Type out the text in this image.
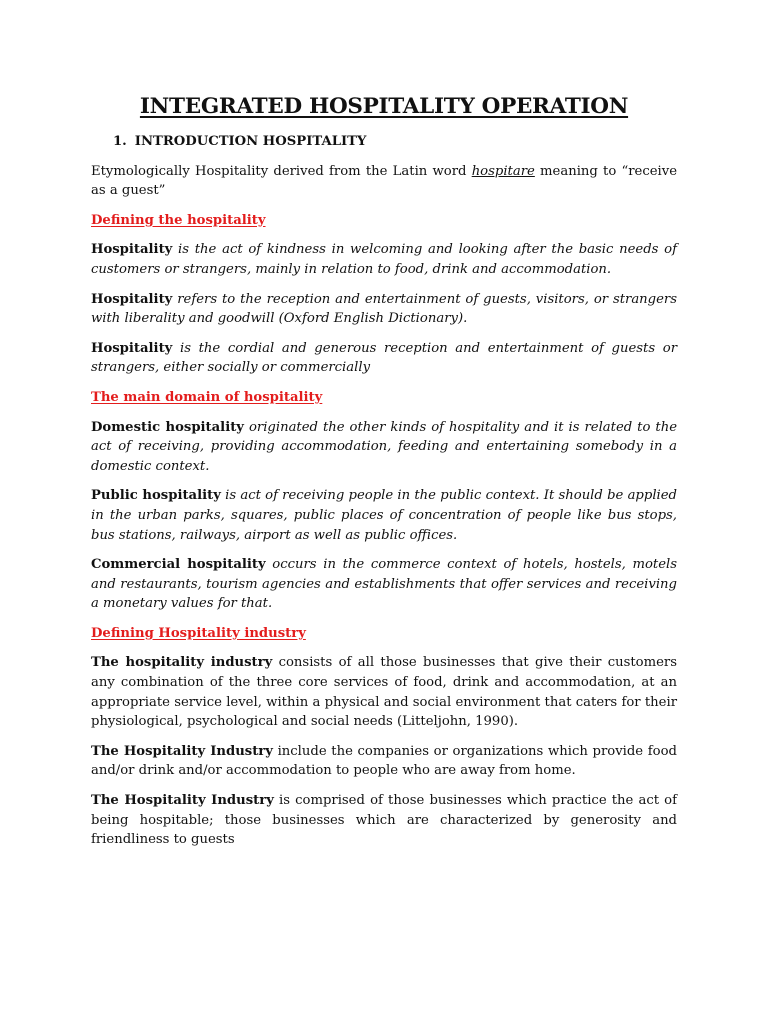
INTEGRATED HOSPITALITY OPERATION
1. INTRODUCTION HOSPITALITY

Etymologically Hospitality derived from the Latin word hospitare meaning to “receive as a guest”

Defining the hospitality

Hospitality is the act of kindness in welcoming and looking after the basic needs of customers or strangers, mainly in relation to food, drink and accommodation.

Hospitality refers to the reception and entertainment of guests, visitors, or strangers with liberality and goodwill (Oxford English Dictionary).

Hospitality is the cordial and generous reception and entertainment of guests or strangers, either socially or commercially

The main domain of hospitality

Domestic hospitality originated the other kinds of hospitality and it is related to the act of receiving, providing accommodation, feeding and entertaining somebody in a domestic context.

Public hospitality is act of receiving people in the public context. It should be applied in the urban parks, squares, public places of concentration of people like bus stops, bus stations, railways, airport as well as public offices.

Commercial hospitality occurs in the commerce context of hotels, hostels, motels and restaurants, tourism agencies and establishments that offer services and receiving a monetary values for that.

Defining Hospitality industry

The hospitality industry consists of all those businesses that give their customers any combination of the three core services of food, drink and accommodation, at an appropriate service level, within a physical and social environment that caters for their physiological, psychological and social needs (Litteljohn, 1990).

The Hospitality Industry include the companies or organizations which provide food and/or drink and/or accommodation to people who are away from home.

The Hospitality Industry is comprised of those businesses which practice the act of being hospitable; those businesses which are characterized by generosity and friendliness to guests
